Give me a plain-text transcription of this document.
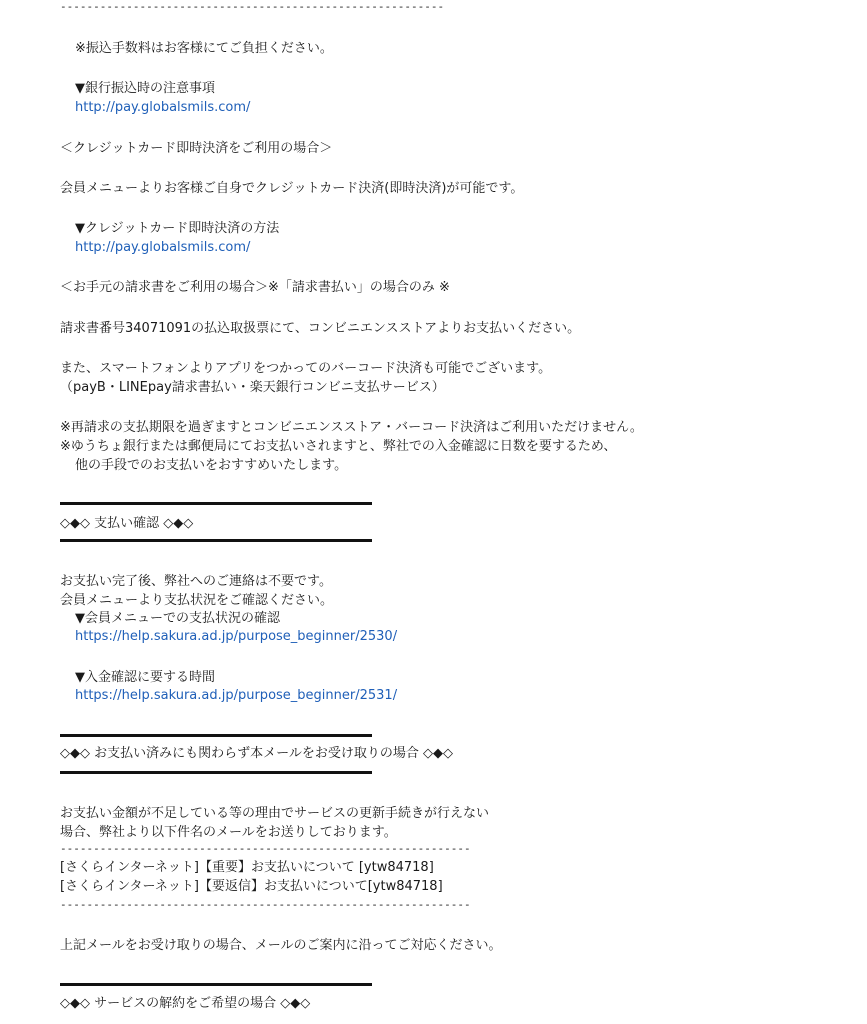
----------------------------------------------------------
※振込手数料はお客様にてご負担ください。
▼銀行振込時の注意事項
http://pay.globalsmils.com/
＜クレジットカード即時決済をご利用の場合＞
会員メニューよりお客様ご自身でクレジットカード決済(即時決済)が可能です。
▼クレジットカード即時決済の方法
http://pay.globalsmils.com/
＜お手元の請求書をご利用の場合＞※「請求書払い」の場合のみ ※
請求書番号34071091の払込取扱票にて、コンビニエンスストアよりお支払いください。
また、スマートフォンよりアプリをつかってのバーコード決済も可能でございます。
（payB・LINEpay請求書払い・楽天銀行コンビニ支払サービス）
※再請求の支払期限を過ぎますとコンビニエンスストア・バーコード決済はご利用いただけません。
※ゆうちょ銀行または郵便局にてお支払いされますと、弊社での入金確認に日数を要するため、
他の手段でのお支払いをおすすめいたします。
◇◆◇ 支払い確認 ◇◆◇
お支払い完了後、弊社へのご連絡は不要です。
会員メニューより支払状況をご確認ください。
▼会員メニューでの支払状況の確認
https://help.sakura.ad.jp/purpose_beginner/2530/
▼入金確認に要する時間
https://help.sakura.ad.jp/purpose_beginner/2531/
◇◆◇ お支払い済みにも関わらず本メールをお受け取りの場合 ◇◆◇
お支払い金額が不足している等の理由でサービスの更新手続きが行えない
場合、弊社より以下件名のメールをお送りしております。
--------------------------------------------------------------
[さくらインターネット]【重要】お支払いについて [ytw84718]
[さくらインターネット]【要返信】お支払いについて[ytw84718]
--------------------------------------------------------------
上記メールをお受け取りの場合、メールのご案内に沿ってご対応ください。
◇◆◇ サービスの解約をご希望の場合 ◇◆◇
